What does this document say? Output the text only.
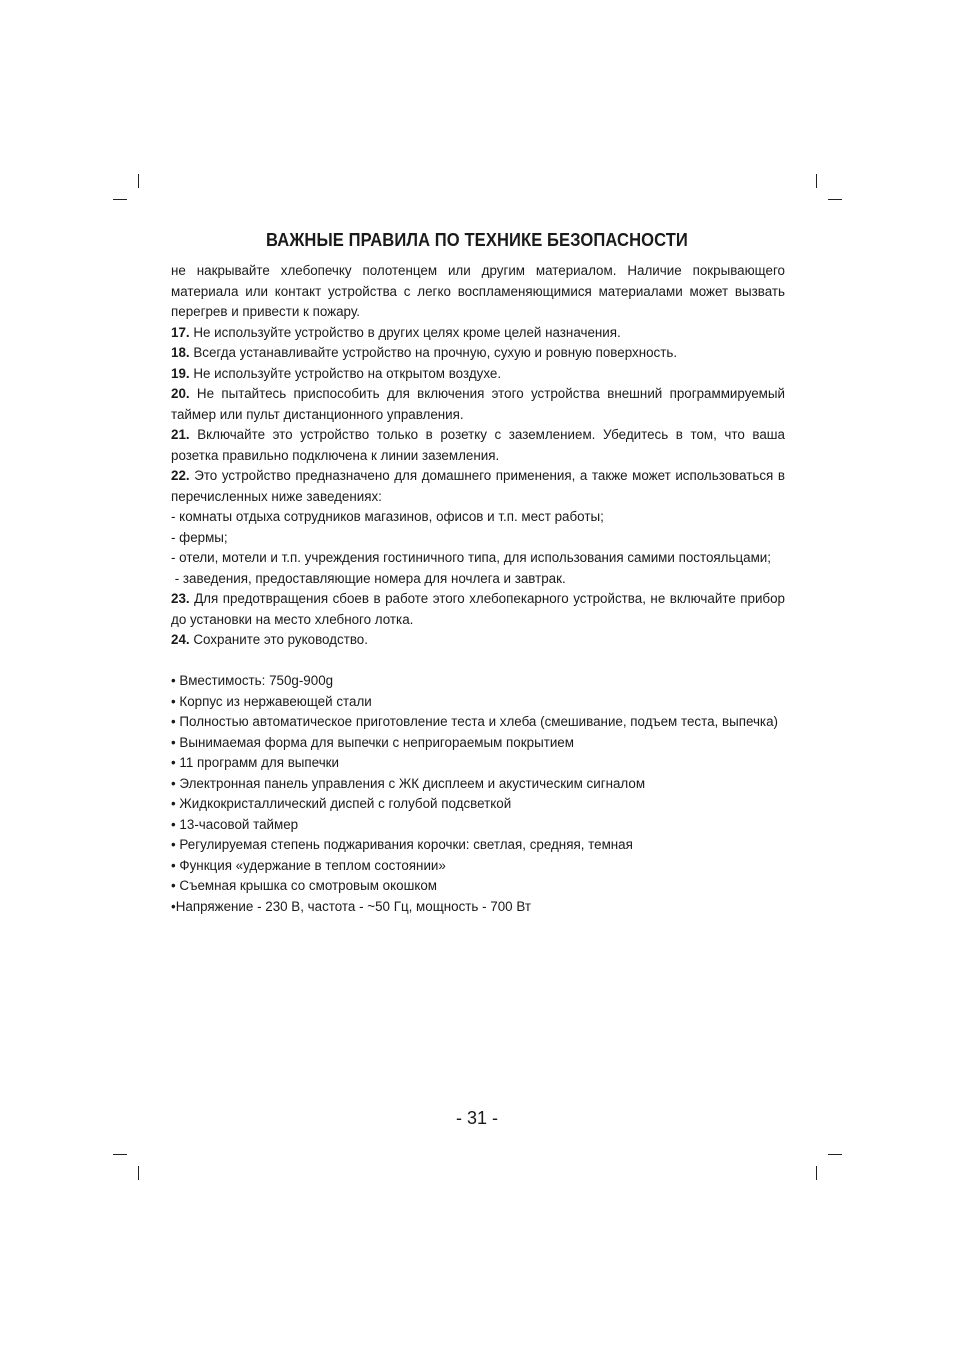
ВАЖНЫЕ ПРАВИЛА ПО ТЕХНИКЕ БЕЗОПАСНОСТИ

не накрывайте хлебопечку полотенцем или другим материалом. Наличие покрывающего материала или контакт устройства с легко воспламеняющимися материалами может вызвать перегрев и привести к пожару.

17. Не используйте устройство в других целях кроме целей назначения.

18. Всегда устанавливайте устройство на прочную, сухую и ровную поверхность.

19. Не используйте устройство на открытом воздухе.

20. Не пытайтесь приспособить для включения этого устройства внешний программируемый таймер или пульт дистанционного управления.

21. Включайте это устройство только в розетку с заземлением. Убедитесь в том, что ваша розетка правильно подключена к линии заземления.

22. Это устройство предназначено для домашнего применения, а также может использоваться в перечисленных ниже заведениях:

- комнаты отдыха сотрудников магазинов, офисов и т.п. мест работы;

- фермы;

- отели, мотели и т.п. учреждения гостиничного типа, для использования самими постояльцами;

- заведения, предоставляющие номера для ночлега и завтрак.

23. Для предотвращения сбоев в работе этого хлебопекарного устройства, не включайте прибор до установки на место хлебного лотка.

24. Сохраните это руководство.

• Вместимость: 750g-900g
• Корпус из нержавеющей стали
• Полностью автоматическое приготовление теста и хлеба (смешивание, подъем теста, выпечка)
• Вынимаемая форма для выпечки с непригораемым покрытием
• 11 программ для выпечки
• Электронная панель управления с ЖК дисплеем и акустическим сигналом
• Жидкокристаллический диспей с голубой подсветкой
• 13-часовой таймер
• Регулируемая степень поджаривания корочки: светлая, средняя, темная
• Функция «удержание в теплом состоянии»
• Съемная крышка со смотровым окошком
• Напряжение - 230 В, частота - ~50 Гц, мощность - 700 Вт
- 31 -
